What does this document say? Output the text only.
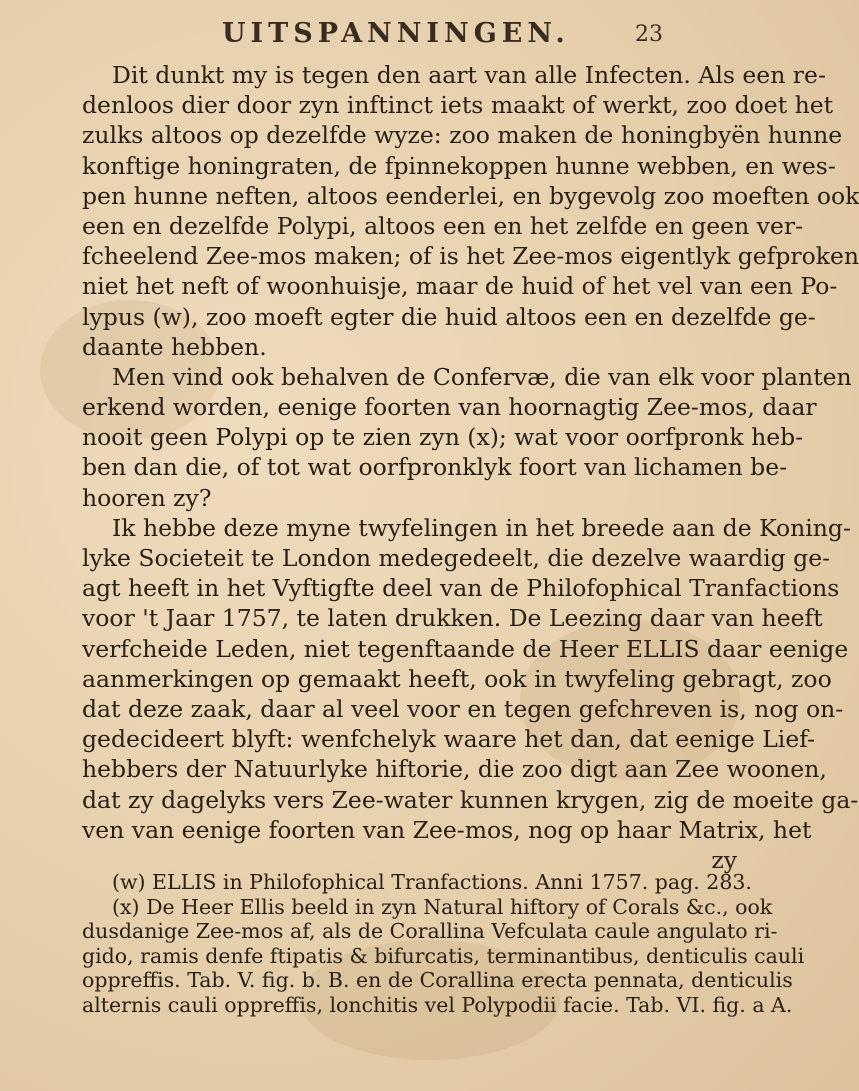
UITSPANNINGEN.	23
Dit dunkt my is tegen den aart van alle Infecten. Als een re-
denloos dier door zyn inftinct iets maakt of werkt, zoo doet het
zulks altoos op dezelfde wyze: zoo maken de honingbyën hunne
konftige honingraten, de fpinnekoppen hunne webben, en wes-
pen hunne neften, altoos eenderlei, en bygevolg zoo moeften ook
een en dezelfde Polypi, altoos een en het zelfde en geen ver-
fcheelend Zee-mos maken; of is het Zee-mos eigentlyk gefproken
niet het neft of woonhuisje, maar de huid of het vel van een Po-
lypus (w), zoo moeft egter die huid altoos een en dezelfde ge-
daante hebben.
Men vind ook behalven de Confervæ, die van elk voor planten
erkend worden, eenige foorten van hoornagtig Zee-mos, daar
nooit geen Polypi op te zien zyn (x); wat voor oorfpronk heb-
ben dan die, of tot wat oorfpronklyk foort van lichamen be-
hooren zy?
Ik hebbe deze myne twyfelingen in het breede aan de Koning-
lyke Societeit te London medegedeelt, die dezelve waardig ge-
agt heeft in het Vyftigfte deel van de Philofophical Tranfactions
voor 't Jaar 1757, te laten drukken. De Leezing daar van heeft
verfcheide Leden, niet tegenftaande de Heer ELLIS daar eenige
aanmerkingen op gemaakt heeft, ook in twyfeling gebragt, zoo
dat deze zaak, daar al veel voor en tegen gefchreven is, nog on-
gedecideert blyft: wenfchelyk waare het dan, dat eenige Lief-
hebbers der Natuurlyke hiftorie, die zoo digt aan Zee woonen,
dat zy dagelyks vers Zee-water kunnen krygen, zig de moeite ga-
ven van eenige foorten van Zee-mos, nog op haar Matrix, het
zy
(w) ELLIS in Philofophical Tranfactions. Anni 1757. pag. 283.
(x) De Heer Ellis beeld in zyn Natural hiftory of Corals &c., ook
dusdanige Zee-mos af, als de Corallina Vefculata caule angulato ri-
gido, ramis denfe ftipatis & bifurcatis, terminantibus, denticulis cauli
oppreffis. Tab. V. fig. b. B. en de Corallina erecta pennata, denticulis
alternis cauli oppreffis, lonchitis vel Polypodii facie. Tab. VI. fig. a A.
